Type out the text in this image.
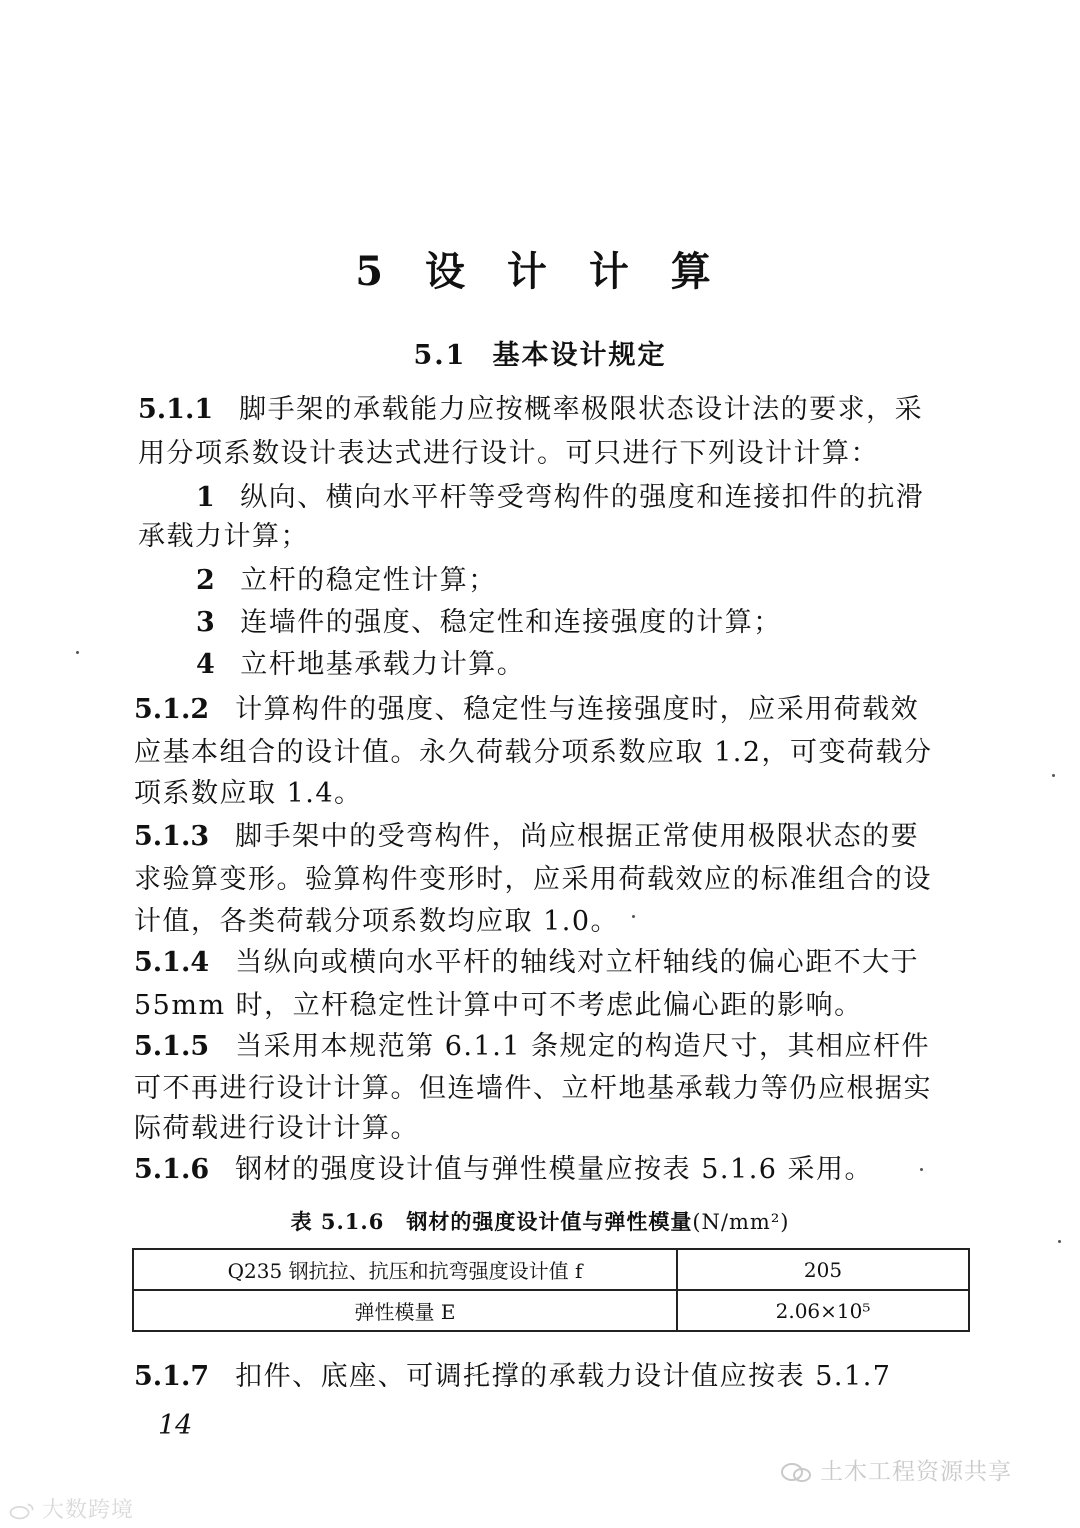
5 设 计 计 算
5.1 基本设计规定
5.1.1 脚手架的承载能力应按概率极限状态设计法的要求，采
用分项系数设计表达式进行设计。可只进行下列设计计算：
1 纵向、横向水平杆等受弯构件的强度和连接扣件的抗滑
承载力计算；
2 立杆的稳定性计算；
3 连墙件的强度、稳定性和连接强度的计算；
4 立杆地基承载力计算。
5.1.2 计算构件的强度、稳定性与连接强度时，应采用荷载效
应基本组合的设计值。永久荷载分项系数应取 1.2，可变荷载分
项系数应取 1.4。
5.1.3 脚手架中的受弯构件，尚应根据正常使用极限状态的要
求验算变形。验算构件变形时，应采用荷载效应的标准组合的设
计值，各类荷载分项系数均应取 1.0。
5.1.4 当纵向或横向水平杆的轴线对立杆轴线的偏心距不大于
55mm 时，立杆稳定性计算中可不考虑此偏心距的影响。
5.1.5 当采用本规范第 6.1.1 条规定的构造尺寸，其相应杆件
可不再进行设计计算。但连墙件、立杆地基承载力等仍应根据实
际荷载进行设计计算。
5.1.6 钢材的强度设计值与弹性模量应按表 5.1.6 采用。
表 5.1.6 钢材的强度设计值与弹性模量(N/mm²)
Q235 钢抗拉、抗压和抗弯强度设计值 f	205
弹性模量 E	2.06×10⁵
5.1.7 扣件、底座、可调托撑的承载力设计值应按表 5.1.7
14
土木工程资源共享
大数跨境
